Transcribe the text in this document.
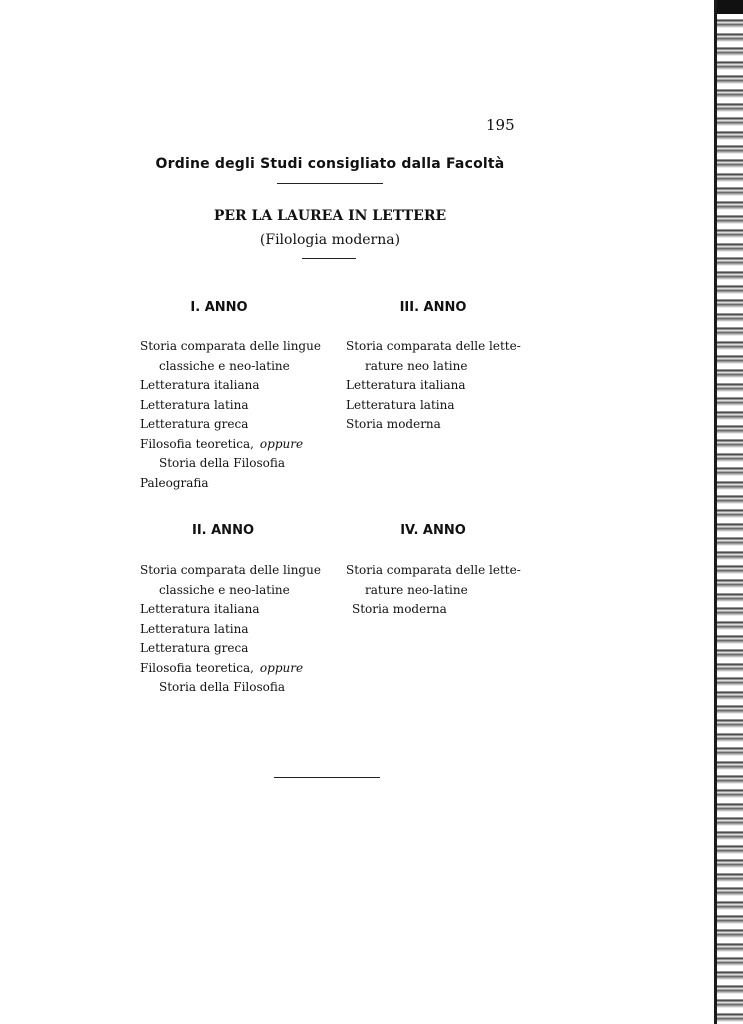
195
Ordine degli Studi consigliato dalla Facoltà
PER LA LAUREA IN LETTERE
(Filologia moderna)
I. ANNO
Storia comparata delle lingue
classiche e neo-latine
Letteratura italiana
Letteratura latina
Letteratura greca
Filosofia teoretica, oppure
Storia della Filosofia
Paleografia
III. ANNO
Storia comparata delle lette-
rature neo latine
Letteratura italiana
Letteratura latina
Storia moderna
II. ANNO
Storia comparata delle lingue
classiche e neo-latine
Letteratura italiana
Letteratura latina
Letteratura greca
Filosofia teoretica, oppure
Storia della Filosofia
IV. ANNO
Storia comparata delle lette-
rature neo-latine
Storia moderna
